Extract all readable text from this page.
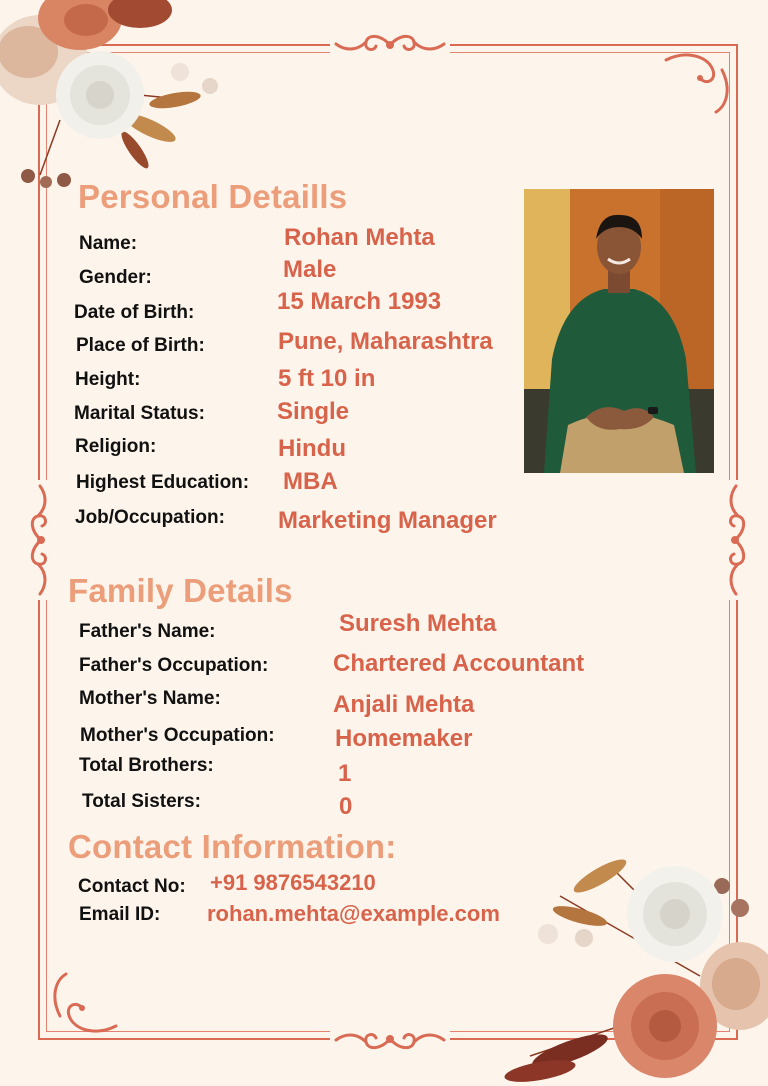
Personal Detaills
Name:	Rohan Mehta
Gender:	Male
Date of Birth:	15 March 1993
Place of Birth:	Pune, Maharashtra
Height:	5 ft 10 in
Marital Status:	Single
Religion:	Hindu
Highest Education: MBA
Job/Occupation: Marketing Manager
Family Details
Father's Name:	Suresh Mehta
Father's Occupation:	Chartered Accountant
Mother's Name:	Anjali Mehta
Mother's Occupation:	Homemaker
Total Brothers:	1
Total Sisters:	0
Contact Information:
Contact No: +91 9876543210
Email ID: rohan.mehta@example.com
